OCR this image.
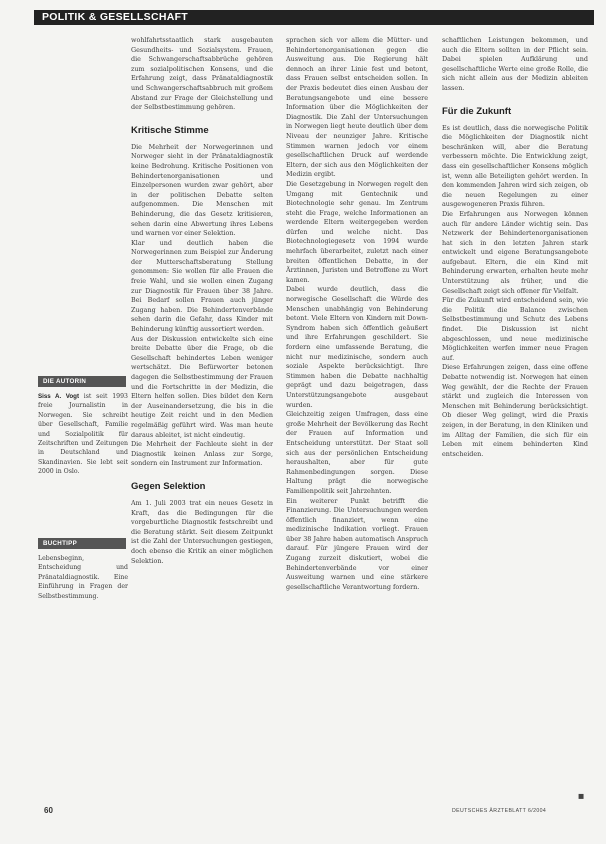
POLITIK & GESELLSCHAFT

wohlfahrtsstaatlich stark ausgebauten Gesundheits- und Sozialsystem. Frauen, die Schwangerschaftsabbrüche gehören zum sozialpolitischen Konsens, und die Erfahrung zeigt, dass Pränataldiagnostik und Schwangerschaftsabbruch mit großem Abstand zur Frage der Gleichstellung und der Selbstbestimmung gehören.

Kritische Stimme

Die Mehrheit der Norwegerinnen und Norweger sieht in der Pränataldiagnostik keine Bedrohung. Kritische Positionen von Behindertenorganisationen und Einzelpersonen wurden zwar gehört, aber in der politischen Debatte selten aufgenommen. Die Menschen mit Behinderung, die das Gesetz kritisieren, sehen darin eine Abwertung ihres Lebens und warnen vor einer Selektion.

Klar und deutlich haben die Norwegerinnen zum Beispiel zur Änderung der Mutterschaftsberatung Stellung genommen: Sie wollen für alle Frauen die freie Wahl, und sie wollen einen Zugang zur Diagnostik für Frauen über 38 Jahre. Bei Bedarf sollen Frauen auch jünger Zugang haben. Die Behindertenverbände sehen darin die Gefahr, dass Kinder mit Behinderung künftig aussortiert werden.

Aus der Diskussion entwickelte sich eine breite Debatte über die Frage, ob die Gesellschaft behindertes Leben weniger wertschätzt. Die Befürworter betonen dagegen die Selbstbestimmung der Frauen und die Fortschritte in der Medizin, die Eltern helfen sollen. Dies bildet den Kern der Auseinandersetzung, die bis in die heutige Zeit reicht und in den Medien regelmäßig geführt wird. Was man heute daraus ableitet, ist nicht eindeutig.

Die Mehrheit der Fachleute sieht in der Diagnostik keinen Anlass zur Sorge, sondern ein Instrument zur Information.

Gegen Selektion

Am 1. Juli 2003 trat ein neues Gesetz in Kraft, das die Bedingungen für die vorgeburtliche Diagnostik festschreibt und die Beratung stärkt. Seit diesem Zeitpunkt ist die Zahl der Untersuchungen gestiegen, doch ebenso die Kritik an einer möglichen Selektion.

sprachen sich vor allem die Mütter- und Behindertenorganisationen gegen die Ausweitung aus. Die Regierung hält dennoch an ihrer Linie fest und betont, dass Frauen selbst entscheiden sollen. In der Praxis bedeutet dies einen Ausbau der Beratungsangebote und eine bessere Information über die Möglichkeiten der Diagnostik. Die Zahl der Untersuchungen in Norwegen liegt heute deutlich über dem Niveau der neunziger Jahre. Kritische Stimmen warnen jedoch vor einem gesellschaftlichen Druck auf werdende Eltern, der sich aus den Möglichkeiten der Medizin ergibt.

Die Gesetzgebung in Norwegen regelt den Umgang mit Gentechnik und Biotechnologie sehr genau. Im Zentrum steht die Frage, welche Informationen an werdende Eltern weitergegeben werden dürfen und welche nicht. Das Biotechnologiegesetz von 1994 wurde mehrfach überarbeitet, zuletzt nach einer breiten öffentlichen Debatte, in der Ärztinnen, Juristen und Betroffene zu Wort kamen.

Dabei wurde deutlich, dass die norwegische Gesellschaft die Würde des Menschen unabhängig von Behinderung betont. Viele Eltern von Kindern mit Down-Syndrom haben sich öffentlich geäußert und ihre Erfahrungen geschildert. Sie fordern eine umfassende Beratung, die nicht nur medizinische, sondern auch soziale Aspekte berücksichtigt. Ihre Stimmen haben die Debatte nachhaltig geprägt und dazu beigetragen, dass Unterstützungsangebote ausgebaut wurden.

Gleichzeitig zeigen Umfragen, dass eine große Mehrheit der Bevölkerung das Recht der Frauen auf Information und Entscheidung unterstützt. Der Staat soll sich aus der persönlichen Entscheidung heraushalten, aber für gute Rahmenbedingungen sorgen. Diese Haltung prägt die norwegische Familienpolitik seit Jahrzehnten.

Ein weiterer Punkt betrifft die Finanzierung. Die Untersuchungen werden öffentlich finanziert, wenn eine medizinische Indikation vorliegt. Frauen über 38 Jahre haben automatisch Anspruch darauf. Für jüngere Frauen wird der Zugang zurzeit diskutiert, wobei die Behindertenverbände vor einer Ausweitung warnen und eine stärkere gesellschaftliche Verantwortung fordern.

schaftlichen Leistungen bekommen, und auch die Eltern sollten in der Pflicht sein. Dabei spielen Aufklärung und gesellschaftliche Werte eine große Rolle, die sich nicht allein aus der Medizin ableiten lassen.

Für die Zukunft

Es ist deutlich, dass die norwegische Politik die Möglichkeiten der Diagnostik nicht beschränken will, aber die Beratung verbessern möchte. Die Entwicklung zeigt, dass ein gesellschaftlicher Konsens möglich ist, wenn alle Beteiligten gehört werden. In den kommenden Jahren wird sich zeigen, ob die neuen Regelungen zu einer ausgewogeneren Praxis führen.

Die Erfahrungen aus Norwegen können auch für andere Länder wichtig sein. Das Netzwerk der Behindertenorganisationen hat sich in den letzten Jahren stark entwickelt und eigene Beratungsangebote aufgebaut. Eltern, die ein Kind mit Behinderung erwarten, erhalten heute mehr Unterstützung als früher, und die Gesellschaft zeigt sich offener für Vielfalt.

Für die Zukunft wird entscheidend sein, wie die Politik die Balance zwischen Selbstbestimmung und Schutz des Lebens findet. Die Diskussion ist nicht abgeschlossen, und neue medizinische Möglichkeiten werfen immer neue Fragen auf.

Diese Erfahrungen zeigen, dass eine offene Debatte notwendig ist. Norwegen hat einen Weg gewählt, der die Rechte der Frauen stärkt und zugleich die Interessen von Menschen mit Behinderung berücksichtigt. Ob dieser Weg gelingt, wird die Praxis zeigen, in der Beratung, in den Kliniken und im Alltag der Familien, die sich für ein Leben mit einem behinderten Kind entscheiden.

DIE AUTORIN
Siss A. Vogt ist seit 1993 freie Journalistin in Norwegen. Sie schreibt über Gesellschaft, Familie und Sozialpolitik für Zeitschriften und Zeitungen in Deutschland und Skandinavien. Sie lebt seit 2000 in Oslo.
BUCHTIPP
Lebensbeginn, Entscheidung und Pränataldiagnostik. Eine Einführung in Fragen der Selbstbestimmung.
■
60	DEUTSCHES ÄRZTEBLATT 6/2004
